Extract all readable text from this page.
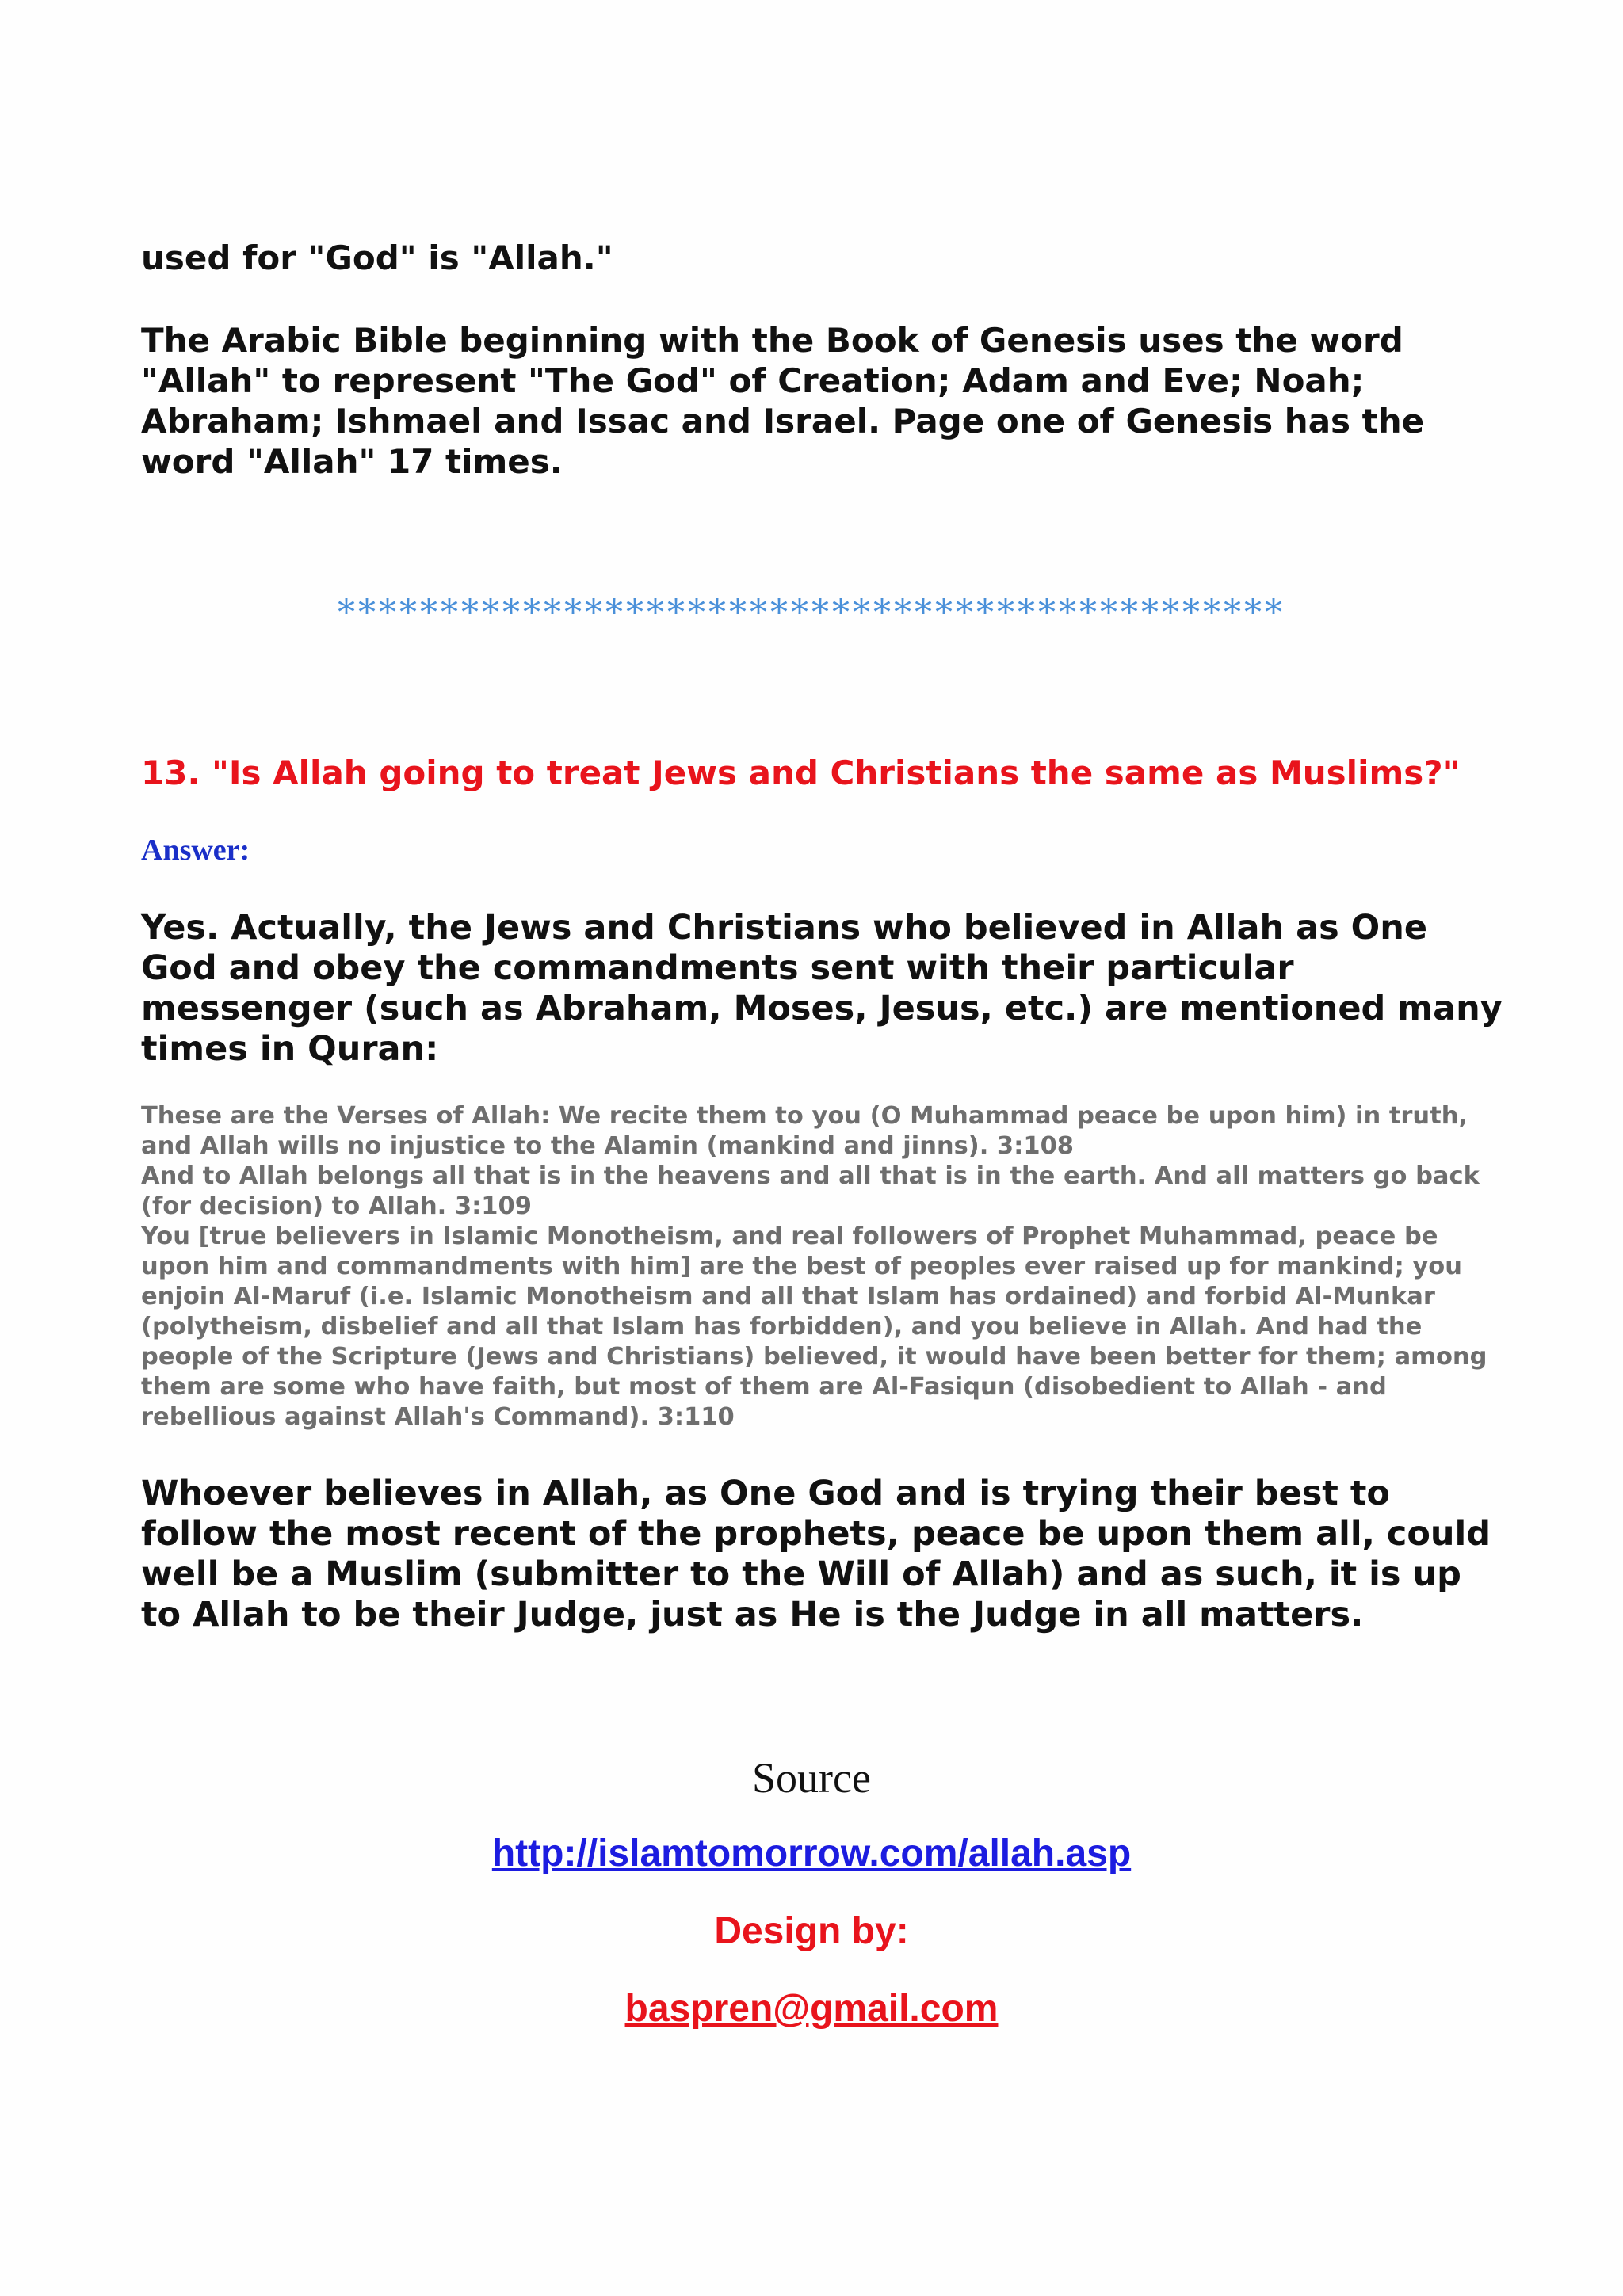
used for "God" is "Allah."

The Arabic Bible beginning with the Book of Genesis uses the word "Allah" to represent "The God" of Creation; Adam and Eve; Noah; Abraham; Ishmael and Issac and Israel. Page one of Genesis has the word "Allah" 17 times.

**********************************************

13. "Is Allah going to treat Jews and Christians the same as Muslims?"

Answer:

Yes. Actually, the Jews and Christians who believed in Allah as One God and obey the commandments sent with their particular messenger (such as Abraham, Moses, Jesus, etc.) are mentioned many times in Quran:

These are the Verses of Allah: We recite them to you (O Muhammad peace be upon him) in truth, and Allah wills no injustice to the Alamin (mankind and jinns). 3:108
And to Allah belongs all that is in the heavens and all that is in the earth. And all matters go back (for decision) to Allah. 3:109
You [true believers in Islamic Monotheism, and real followers of Prophet Muhammad, peace be upon him and commandments with him] are the best of peoples ever raised up for mankind; you enjoin Al-Maruf (i.e. Islamic Monotheism and all that Islam has ordained) and forbid Al-Munkar (polytheism, disbelief and all that Islam has forbidden), and you believe in Allah. And had the people of the Scripture (Jews and Christians) believed, it would have been better for them; among them are some who have faith, but most of them are Al-Fasiqun (disobedient to Allah - and rebellious against Allah's Command). 3:110

Whoever believes in Allah, as One God and is trying their best to follow the most recent of the prophets, peace be upon them all, could well be a Muslim (submitter to the Will of Allah) and as such, it is up to Allah to be their Judge, just as He is the Judge in all matters.

Source

http://islamtomorrow.com/allah.asp

Design by:

baspren@gmail.com
